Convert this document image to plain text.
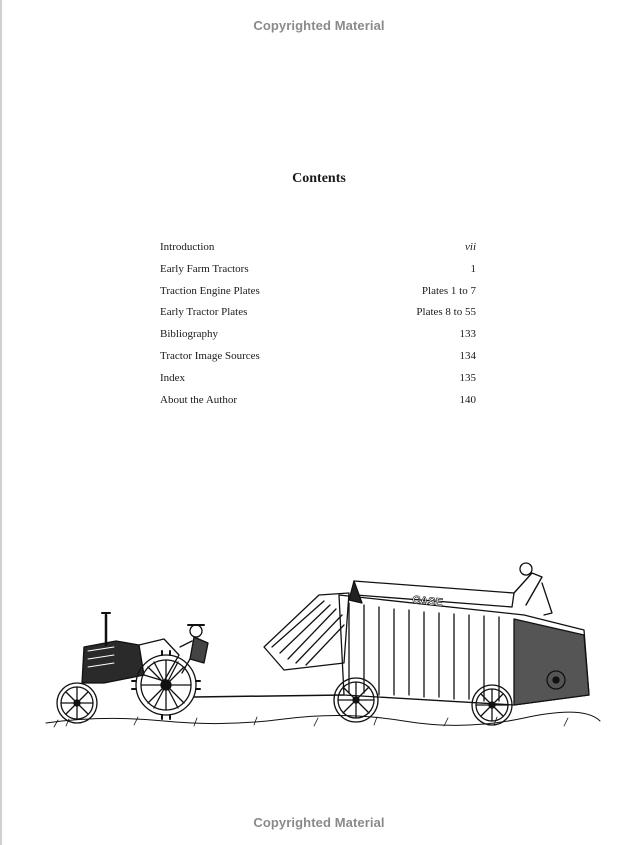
Copyrighted Material
Contents
Introduction	vii
Early Farm Tractors	1
Traction Engine Plates	Plates 1 to 7
Early Tractor Plates	Plates 8 to 55
Bibliography	133
Tractor Image Sources	134
Index	135
About the Author	140
CASE
Copyrighted Material
